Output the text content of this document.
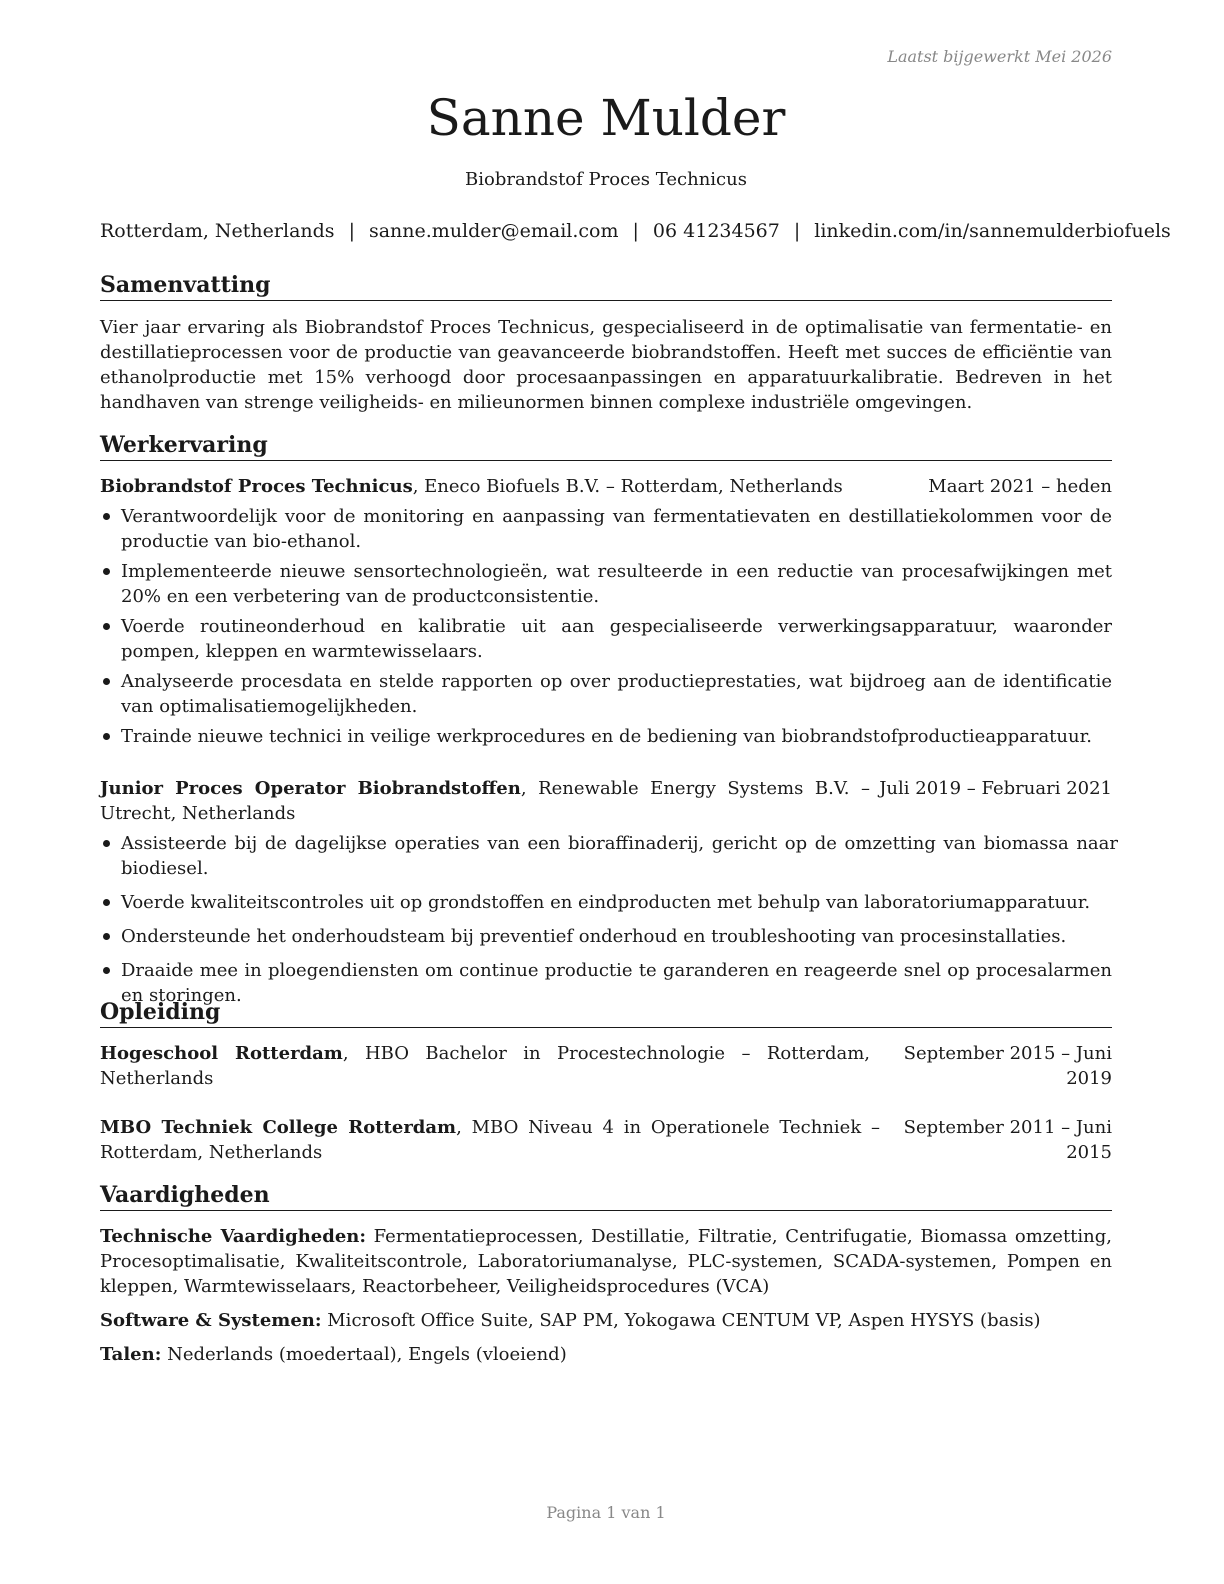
Laatst bijgewerkt Mei 2026
Sanne Mulder
Biobrandstof Proces Technicus
Rotterdam, Netherlands | sanne.mulder@email.com | 06 41234567 | linkedin.com/in/sannemulderbiofuels
Samenvatting

Vier jaar ervaring als Biobrandstof Proces Technicus, gespecialiseerd in de optimalisatie van fermentatie- en destillatieprocessen voor de productie van geavanceerde biobrandstoffen. Heeft met succes de efficiëntie van ethanolproductie met 15% verhoogd door procesaanpassingen en apparatuurkalibratie. Bedreven in het handhaven van strenge veiligheids- en milieunormen binnen complexe industriële omgevingen.

Werkervaring
Biobrandstof Proces Technicus, Eneco Biofuels B.V. – Rotterdam, Netherlands	Maart 2021 – heden
Verantwoordelijk voor de monitoring en aanpassing van fermentatievaten en destillatiekolommen voor de productie van bio-ethanol.
Implementeerde nieuwe sensortechnologieën, wat resulteerde in een reductie van procesafwijkingen met 20% en een verbetering van de productconsistentie.
Voerde routineonderhoud en kalibratie uit aan gespecialiseerde verwerkingsapparatuur, waaronder pompen, kleppen en warmtewisselaars.
Analyseerde procesdata en stelde rapporten op over productieprestaties, wat bijdroeg aan de identificatie van optimalisatiemogelijkheden.
Trainde nieuwe technici in veilige werkprocedures en de bediening van biobrandstofproductieapparatuur.
Junior Proces Operator Biobrandstoffen, Renewable Energy Systems B.V. – Utrecht, Netherlands
Juli 2019 – Februari 2021
Assisteerde bij de dagelijkse operaties van een bioraffinaderij, gericht op de omzetting van biomassa naar biodiesel.
Voerde kwaliteitscontroles uit op grondstoffen en eindproducten met behulp van laboratoriumapparatuur.
Ondersteunde het onderhoudsteam bij preventief onderhoud en troubleshooting van procesinstallaties.
Draaide mee in ploegendiensten om continue productie te garanderen en reageerde snel op procesalarmen en storingen.
Opleiding
Hogeschool Rotterdam, HBO Bachelor in Procestechnologie – Rotterdam, Netherlands
September 2015 – Juni
2019
MBO Techniek College Rotterdam, MBO Niveau 4 in Operationele Techniek – Rotterdam, Netherlands
September 2011 – Juni
2015
Vaardigheden

Technische Vaardigheden: Fermentatieprocessen, Destillatie, Filtratie, Centrifugatie, Biomassa omzetting, Procesoptimalisatie, Kwaliteitscontrole, Laboratoriumanalyse, PLC-systemen, SCADA-systemen, Pompen en kleppen, Warmtewisselaars, Reactorbeheer, Veiligheidsprocedures (VCA)

Software & Systemen: Microsoft Office Suite, SAP PM, Yokogawa CENTUM VP, Aspen HYSYS (basis)

Talen: Nederlands (moedertaal), Engels (vloeiend)

Pagina 1 van 1
